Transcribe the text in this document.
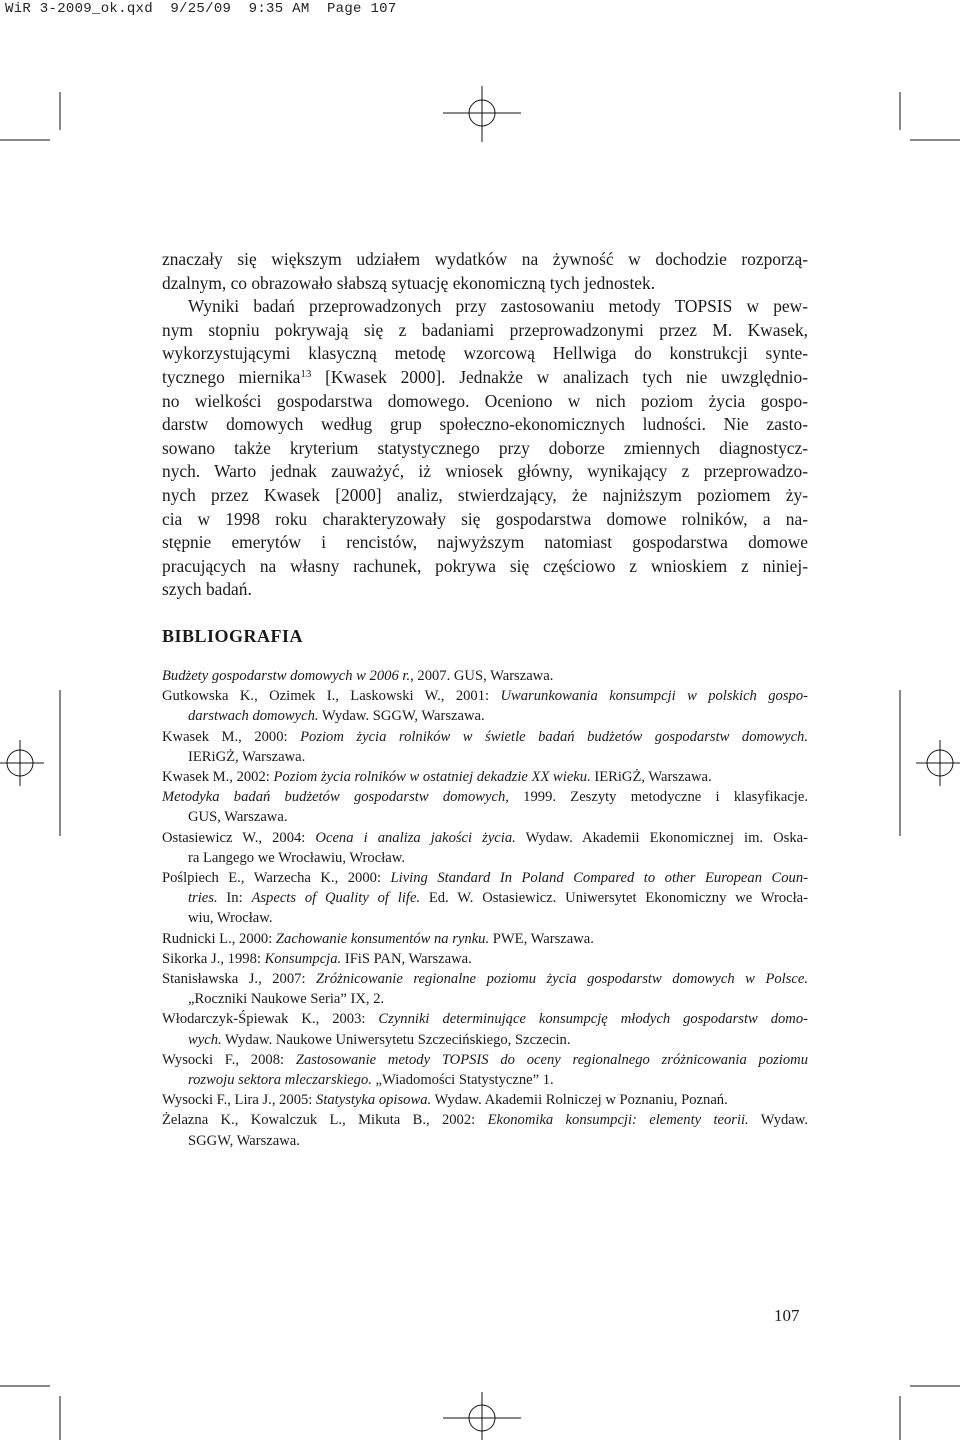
WiR 3-2009_ok.qxd  9/25/09  9:35 AM  Page 107
znaczały się większym udziałem wydatków na żywność w dochodzie rozporzą-
dzalnym, co obrazowało słabszą sytuację ekonomiczną tych jednostek.
Wyniki badań przeprowadzonych przy zastosowaniu metody TOPSIS w pew-
nym stopniu pokrywają się z badaniami przeprowadzonymi przez M. Kwasek,
wykorzystującymi klasyczną metodę wzorcową Hellwiga do konstrukcji synte-
tycznego miernika$^{13}$ [Kwasek 2000]. Jednakże w analizach tych nie uwzględnio-
no wielkości gospodarstwa domowego. Oceniono w nich poziom życia gospo-
darstw domowych według grup społeczno-ekonomicznych ludności. Nie zasto-
sowano także kryterium statystycznego przy doborze zmiennych diagnostycz-
nych. Warto jednak zauważyć, iż wniosek główny, wynikający z przeprowadzo-
nych przez Kwasek [2000] analiz, stwierdzający, że najniższym poziomem ży-
cia w 1998 roku charakteryzowały się gospodarstwa domowe rolników, a na-
stępnie emerytów i rencistów, najwyższym natomiast gospodarstwa domowe
pracujących na własny rachunek, pokrywa się częściowo z wnioskiem z niniej-
szych badań.
BIBLIOGRAFIA
Budżety gospodarstw domowych w 2006 r., 2007. GUS, Warszawa.
Gutkowska K., Ozimek I., Laskowski W., 2001: Uwarunkowania konsumpcji w polskich gospo-
darstwach domowych. Wydaw. SGGW, Warszawa.
Kwasek M., 2000: Poziom życia rolników w świetle badań budżetów gospodarstw domowych.
IERiGŻ, Warszawa.
Kwasek M., 2002: Poziom życia rolników w ostatniej dekadzie XX wieku. IERiGŻ, Warszawa.
Metodyka badań budżetów gospodarstw domowych, 1999. Zeszyty metodyczne i klasyfikacje.
GUS, Warszawa.
Ostasiewicz W., 2004: Ocena i analiza jakości życia. Wydaw. Akademii Ekonomicznej im. Oska-
ra Langego we Wrocławiu, Wrocław.
Poślpiech E., Warzecha K., 2000: Living Standard In Poland Compared to other European Coun-
tries. In: Aspects of Quality of life. Ed. W. Ostasiewicz. Uniwersytet Ekonomiczny we Wrocła-
wiu, Wrocław.
Rudnicki L., 2000: Zachowanie konsumentów na rynku. PWE, Warszawa.
Sikorka J., 1998: Konsumpcja. IFiS PAN, Warszawa.
Stanisławska J., 2007: Zróżnicowanie regionalne poziomu życia gospodarstw domowych w Polsce.
„Roczniki Naukowe Seria” IX, 2.
Włodarczyk-Śpiewak K., 2003: Czynniki determinujące konsumpcję młodych gospodarstw domo-
wych. Wydaw. Naukowe Uniwersytetu Szczecińskiego, Szczecin.
Wysocki F., 2008: Zastosowanie metody TOPSIS do oceny regionalnego zróżnicowania poziomu
rozwoju sektora mleczarskiego. „Wiadomości Statystyczne” 1.
Wysocki F., Lira J., 2005: Statystyka opisowa. Wydaw. Akademii Rolniczej w Poznaniu, Poznań.
Żelazna K., Kowalczuk L., Mikuta B., 2002: Ekonomika konsumpcji: elementy teorii. Wydaw.
SGGW, Warszawa.
107
